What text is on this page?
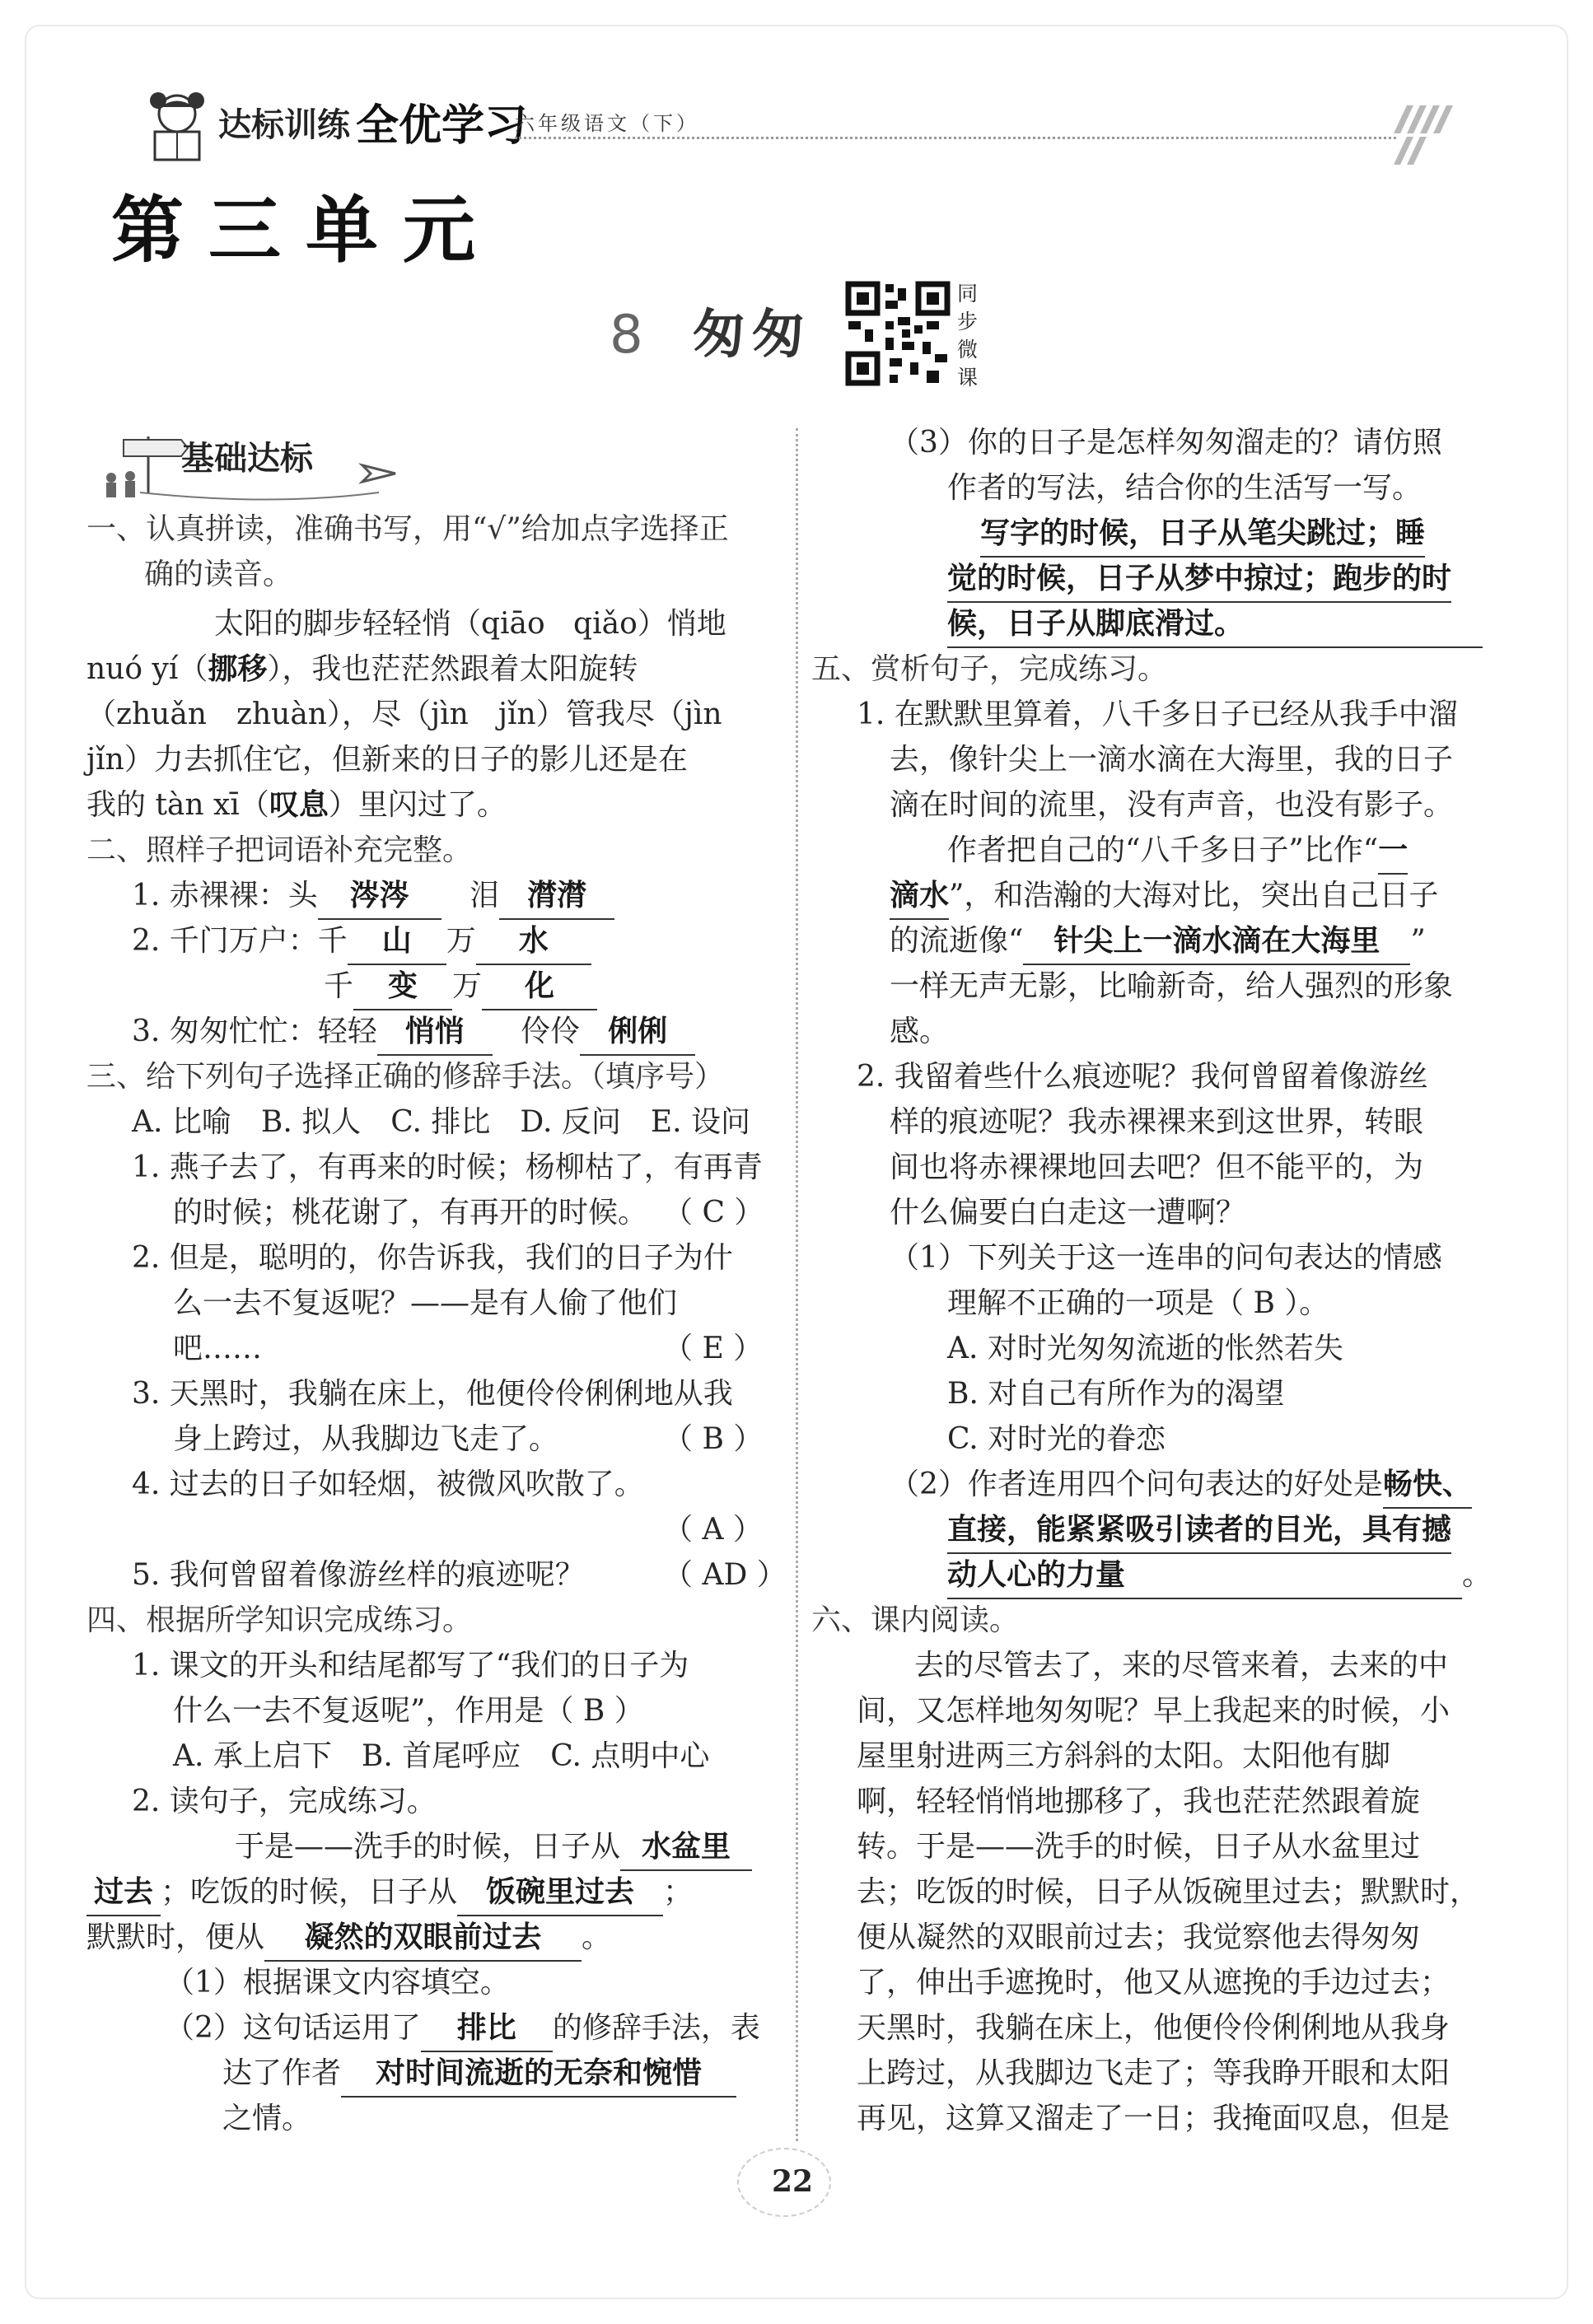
达标训练 全优学习
六年级语文（下）
第三单元
8 匆匆
同步微课
基础达标
一、认真拼读，准确书写，用“√”给加点字选择正
确的读音。
太阳的脚步轻轻悄（qiāo qiǎo）悄地
nuó yí（挪移），我也茫茫然跟着太阳旋转
（zhuǎn　zhuàn），尽（jìn　jǐn）管我尽（jìn
jǐn）力去抓住它，但新来的日子的影儿还是在
我的 tàn xī（叹息）里闪过了。
二、照样子把词语补充完整。
1. 赤裸裸：头 涔涔 泪 潸潸
2. 千门万户：千 山 万 水
千 变 万 化
3. 匆匆忙忙：轻轻 悄悄 伶伶 俐俐
三、给下列句子选择正确的修辞手法。（填序号）
A. 比喻　B. 拟人　C. 排比　D. 反问　E. 设问
1. 燕子去了，有再来的时候；杨柳枯了，有再青
的时候；桃花谢了，有再开的时候。 （ C ）
2. 但是，聪明的，你告诉我，我们的日子为什
么一去不复返呢？——是有人偷了他们
吧……	（ E ）
3. 天黑时，我躺在床上，他便伶伶俐俐地从我
身上跨过，从我脚边飞走了。	（ B ）
4. 过去的日子如轻烟，被微风吹散了。
（ A ）
5. 我何曾留着像游丝样的痕迹呢？	（ AD ）
四、根据所学知识完成练习。
1. 课文的开头和结尾都写了“我们的日子为
什么一去不复返呢”，作用是（ B ）
A. 承上启下　B. 首尾呼应　C. 点明中心
2. 读句子，完成练习。
于是——洗手的时候，日子从 水盆里
过去 ；吃饭的时候，日子从 饭碗里过去 ；
默默时，便从 凝然的双眼前过去 。
（1）根据课文内容填空。
（2）这句话运用了 排比 的修辞手法，表
达了作者 对时间流逝的无奈和惋惜
之情。
（3）你的日子是怎样匆匆溜走的？请仿照
作者的写法，结合你的生活写一写。
写字的时候，日子从笔尖跳过；睡
觉的时候，日子从梦中掠过；跑步的时
候，日子从脚底滑过。
五、赏析句子，完成练习。
1. 在默默里算着，八千多日子已经从我手中溜
去，像针尖上一滴水滴在大海里，我的日子
滴在时间的流里，没有声音，也没有影子。
作者把自己的“八千多日子”比作“一
滴水”，和浩瀚的大海对比，突出自己日子
的流逝像“ 针尖上一滴水滴在大海里 ”
一样无声无影，比喻新奇，给人强烈的形象
感。
2. 我留着些什么痕迹呢？我何曾留着像游丝
样的痕迹呢？我赤裸裸来到这世界，转眼
间也将赤裸裸地回去吧？但不能平的，为
什么偏要白白走这一遭啊？
（1）下列关于这一连串的问句表达的情感
理解不正确的一项是（ B ）。
A. 对时光匆匆流逝的怅然若失
B. 对自己有所作为的渴望
C. 对时光的眷恋
（2）作者连用四个问句表达的好处是畅快、
直接，能紧紧吸引读者的目光，具有撼
动人心的力量	。
六、课内阅读。
去的尽管去了，来的尽管来着，去来的中
间，又怎样地匆匆呢？早上我起来的时候，小
屋里射进两三方斜斜的太阳。太阳他有脚
啊，轻轻悄悄地挪移了，我也茫茫然跟着旋
转。于是——洗手的时候，日子从水盆里过
去；吃饭的时候，日子从饭碗里过去；默默时，
便从凝然的双眼前过去；我觉察他去得匆匆
了，伸出手遮挽时，他又从遮挽的手边过去；
天黑时，我躺在床上，他便伶伶俐俐地从我身
上跨过，从我脚边飞走了；等我睁开眼和太阳
再见，这算又溜走了一日；我掩面叹息，但是
22
